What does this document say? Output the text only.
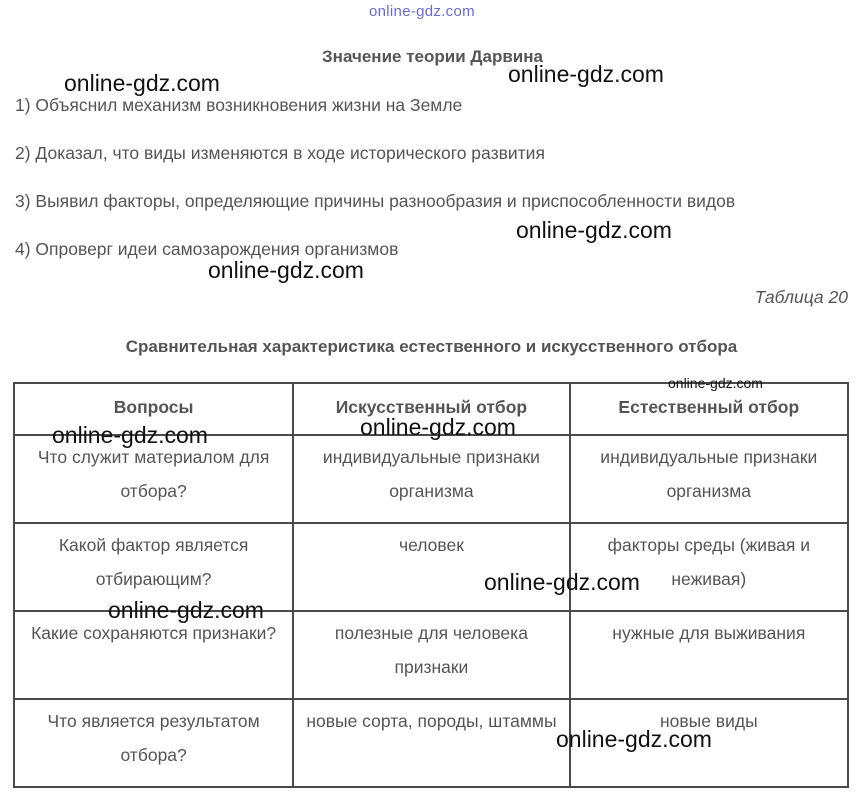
online-gdz.com
Значение теории Дарвина
1) Объяснил механизм возникновения жизни на Земле
2) Доказал, что виды изменяются в ходе исторического развития
3) Выявил факторы, определяющие причины разнообразия и приспособленности видов
4) Опроверг идеи самозарождения организмов
Таблица 20
Сравнительная характеристика естественного и искусственного отбора
Вопросы	Искусственный отбор	Естественный отбор
Что служит материалом для отбора?	индивидуальные признаки организма	индивидуальные признаки организма
Какой фактор является отбирающим?	человек	факторы среды (живая и неживая)
Какие сохраняются признаки?	полезные для человека признаки	нужные для выживания
Что является результатом отбора?	новые сорта, породы, штаммы	новые виды
online-gdz.com	online-gdz.com
online-gdz.com
online-gdz.com
online-gdz.com
online-gdz.com	online-gdz.com
online-gdz.com
online-gdz.com
online-gdz.com
